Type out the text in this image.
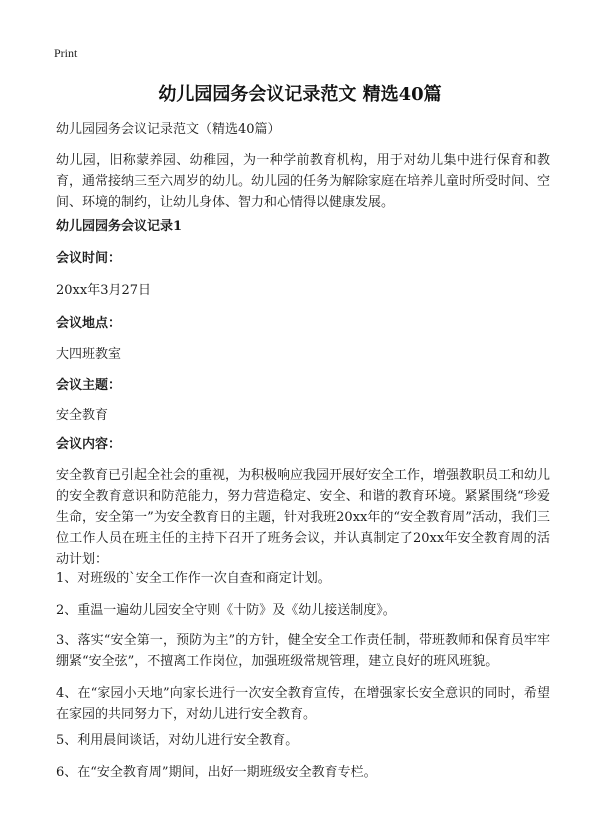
Print
幼儿园园务会议记录范文 精选40篇
幼儿园园务会议记录范文（精选40篇）
幼儿园，旧称蒙养园、幼稚园，为一种学前教育机构，用于对幼儿集中进行保育和教育，通常接纳三至六周岁的幼儿。幼儿园的任务为解除家庭在培养儿童时所受时间、空间、环境的制约，让幼儿身体、智力和心情得以健康发展。
幼儿园园务会议记录1
会议时间：
20xx年3月27日
会议地点：
大四班教室
会议主题：
安全教育
会议内容：
安全教育已引起全社会的重视，为积极响应我园开展好安全工作，增强教职员工和幼儿的安全教育意识和防范能力，努力营造稳定、安全、和谐的教育环境。紧紧围绕“珍爱生命，安全第一”为安全教育日的主题，针对我班20xx年的“安全教育周”活动，我们三位工作人员在班主任的主持下召开了班务会议，并认真制定了20xx年安全教育周的活动计划：
1、对班级的`安全工作作一次自查和商定计划。
2、重温一遍幼儿园安全守则《十防》及《幼儿接送制度》。
3、落实“安全第一，预防为主”的方针，健全安全工作责任制，带班教师和保育员牢牢绷紧“安全弦”，不擅离工作岗位，加强班级常规管理，建立良好的班风班貌。
4、在“家园小天地”向家长进行一次安全教育宣传，在增强家长安全意识的同时，希望在家园的共同努力下，对幼儿进行安全教育。
5、利用晨间谈话，对幼儿进行安全教育。
6、在“安全教育周”期间，出好一期班级安全教育专栏。
